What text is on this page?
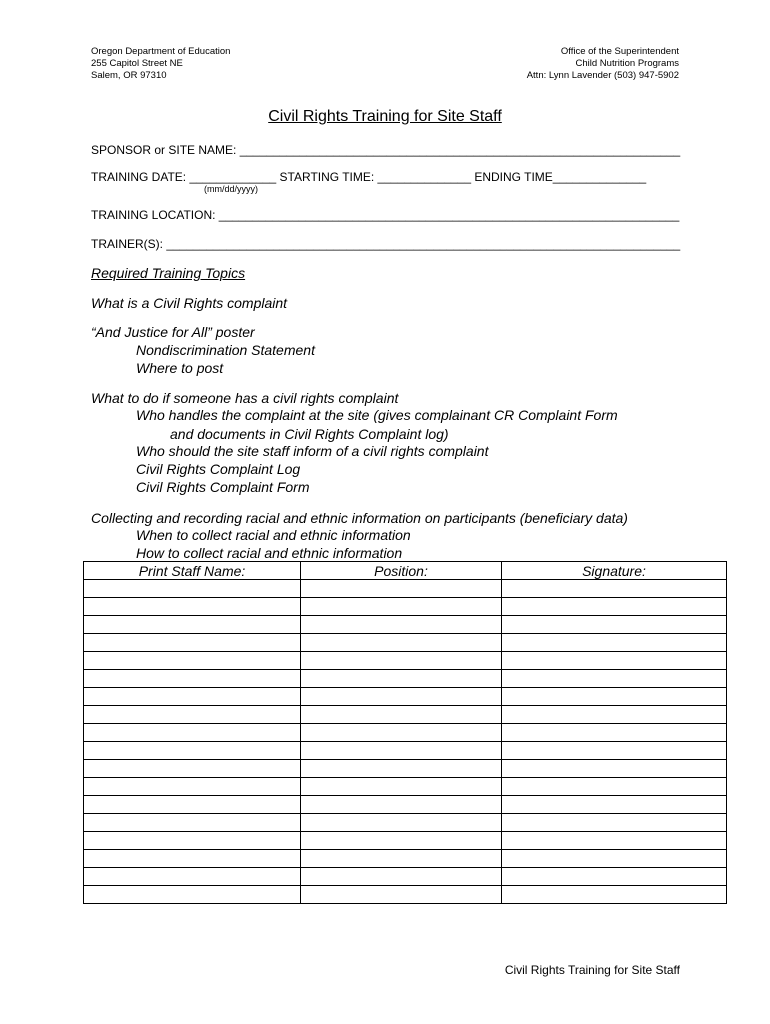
Oregon Department of Education
255 Capitol Street NE
Salem, OR 97310
Office of the Superintendent
Child Nutrition Programs
Attn: Lynn Lavender (503) 947-5902
Civil Rights Training for Site Staff
SPONSOR or SITE NAME: __________________________________________________________________
TRAINING DATE: _____________ STARTING TIME: ______________ ENDING TIME______________
(mm/dd/yyyy)
TRAINING LOCATION: _____________________________________________________________________
TRAINER(S): _____________________________________________________________________________
Required Training Topics
What is a Civil Rights complaint
“And Justice for All” poster
Nondiscrimination Statement
Where to post
What to do if someone has a civil rights complaint
Who handles the complaint at the site (gives complainant CR Complaint Form
and documents in Civil Rights Complaint log)
Who should the site staff inform of a civil rights complaint
Civil Rights Complaint Log
Civil Rights Complaint Form
Collecting and recording racial and ethnic information on participants (beneficiary data)
When to collect racial and ethnic information
How to collect racial and ethnic information
Print Staff Name:	Position:	Signature:

Civil Rights Training for Site Staff
